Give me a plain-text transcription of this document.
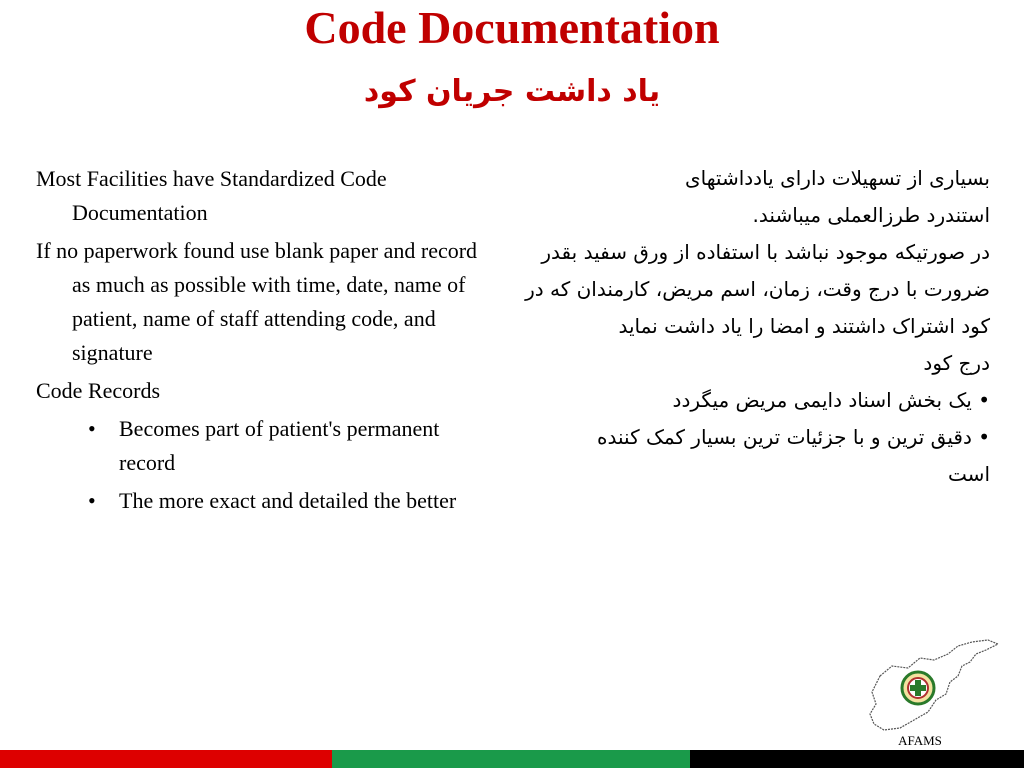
Code Documentation
یاد داشت جریان کود

Most Facilities have Standardized Code Documentation

If no paperwork found use blank paper and record as much as possible with time, date, name of patient, name of staff attending code, and signature

Code Records

• Becomes part of patient's permanent record
• The more exact and detailed the better

بسیاری از تسهیلات دارای یادداشتهای

استندرد طرزالعملی میباشند.

در صورتیکه موجود نباشد با استفاده از ورق سفید بقدر ضرورت با درج وقت، زمان، اسم مریض، کارمندان که در کود اشتراک داشتند و امضا را یاد داشت نماید

درج کود

• یک بخش اسناد دایمی مریض میگردد
• دقیق ترین و با جزئیات ترین بسیار کمک کننده است
AFAMS
